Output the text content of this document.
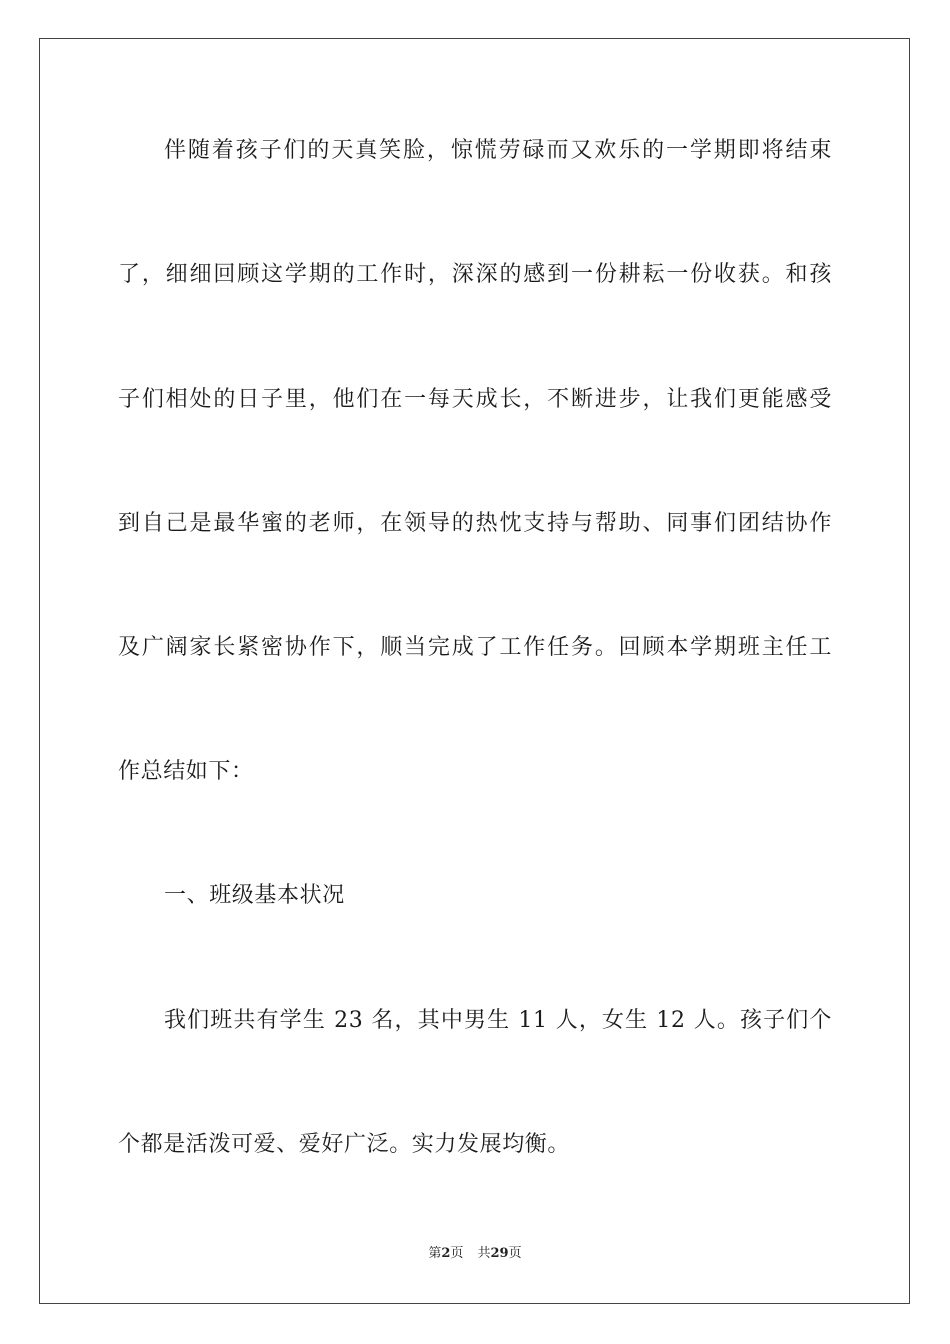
伴随着孩子们的天真笑脸，惊慌劳碌而又欢乐的一学期即将结束
了，细细回顾这学期的工作时，深深的感到一份耕耘一份收获。和孩
子们相处的日子里，他们在一每天成长，不断进步，让我们更能感受
到自己是最华蜜的老师，在领导的热忱支持与帮助、同事们团结协作
及广阔家长紧密协作下，顺当完成了工作任务。回顾本学期班主任工
作总结如下：
一、班级基本状况
我们班共有学生 23 名，其中男生 11 人，女生 12 人。孩子们个
个都是活泼可爱、爱好广泛。实力发展均衡。
第2页 共29页
